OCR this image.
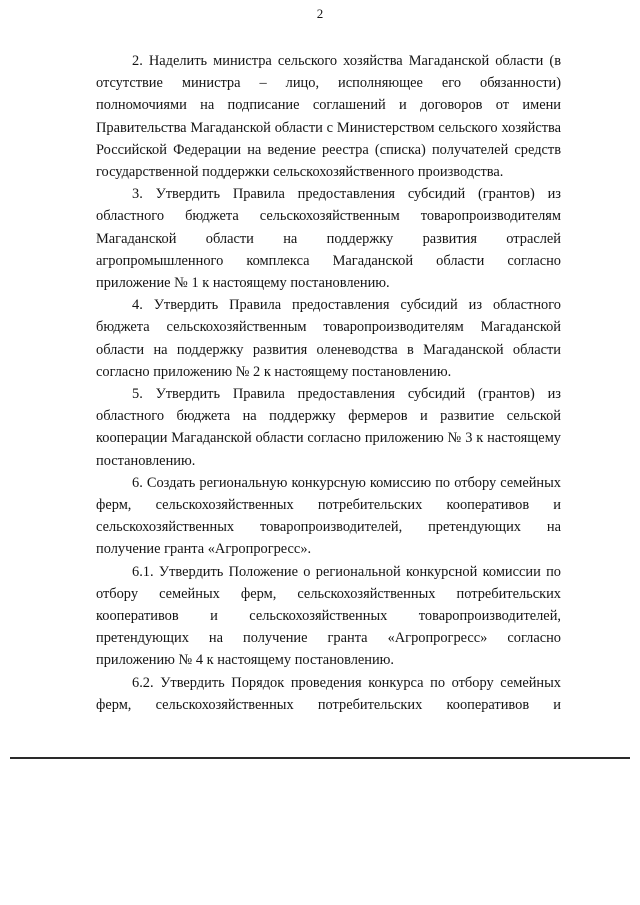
2

2. Наделить министра сельского хозяйства Магаданской области (в отсутствие министра – лицо, исполняющее его обязанности) полномочиями на подписание соглашений и договоров от имени Правительства Магаданской области с Министерством сельского хозяйства Российской Федерации на ведение реестра (списка) получателей средств государственной поддержки сельскохозяйственного производства.

3. Утвердить Правила предоставления субсидий (грантов) из областного бюджета сельскохозяйственным товаропроизводителям Магаданской области на поддержку развития отраслей агропромышленного комплекса Магаданской области согласно приложение № 1 к настоящему постановлению.

4. Утвердить Правила предоставления субсидий из областного бюджета сельскохозяйственным товаропроизводителям Магаданской области на поддержку развития оленеводства в Магаданской области согласно приложению № 2 к настоящему постановлению.

5. Утвердить Правила предоставления субсидий (грантов) из областного бюджета на поддержку фермеров и развитие сельской кооперации Магаданской области согласно приложению № 3 к настоящему постановлению.

6. Создать региональную конкурсную комиссию по отбору семейных ферм, сельскохозяйственных потребительских кооперативов и сельскохозяйственных товаропроизводителей, претендующих на получение гранта «Агропрогресс».

6.1. Утвердить Положение о региональной конкурсной комиссии по отбору семейных ферм, сельскохозяйственных потребительских кооперативов и сельскохозяйственных товаропроизводителей, претендующих на получение гранта «Агропрогресс» согласно приложению № 4 к настоящему постановлению.

6.2. Утвердить Порядок проведения конкурса по отбору семейных ферм, сельскохозяйственных потребительских кооперативов и
